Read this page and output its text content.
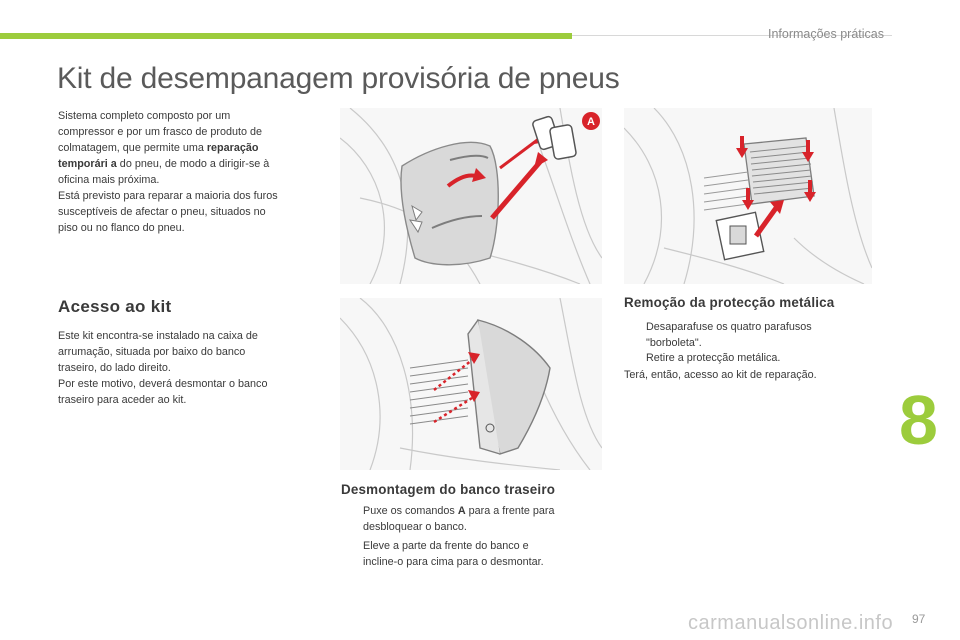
Informações práticas
Kit de desempanagem provisória de pneus

Sistema completo composto por um

compressor e por um frasco de produto de

colmatagem, que permite uma reparação

temporári a do pneu, de modo a dirigir-se à

oficina mais próxima.

Está previsto para reparar a maioria dos furos

susceptíveis de afectar o pneu, situados no

piso ou no flanco do pneu.

Acesso ao kit

Este kit encontra-se instalado na caixa de

arrumação, situada por baixo do banco

traseiro, do lado direito.

Por este motivo, deverá desmontar o banco

traseiro para aceder ao kit.

A
Remoção da protecção metálica
Desaparafuse os quatro parafusos
"borboleta".
Retire a protecção metálica.

Terá, então, acesso ao kit de reparação.

Desmontagem do banco traseiro
Puxe os comandos A para a frente para
desbloquear o banco.
Eleve a parte da frente do banco e
incline-o para cima para o desmontar.
8
carmanualsonline.info 97
